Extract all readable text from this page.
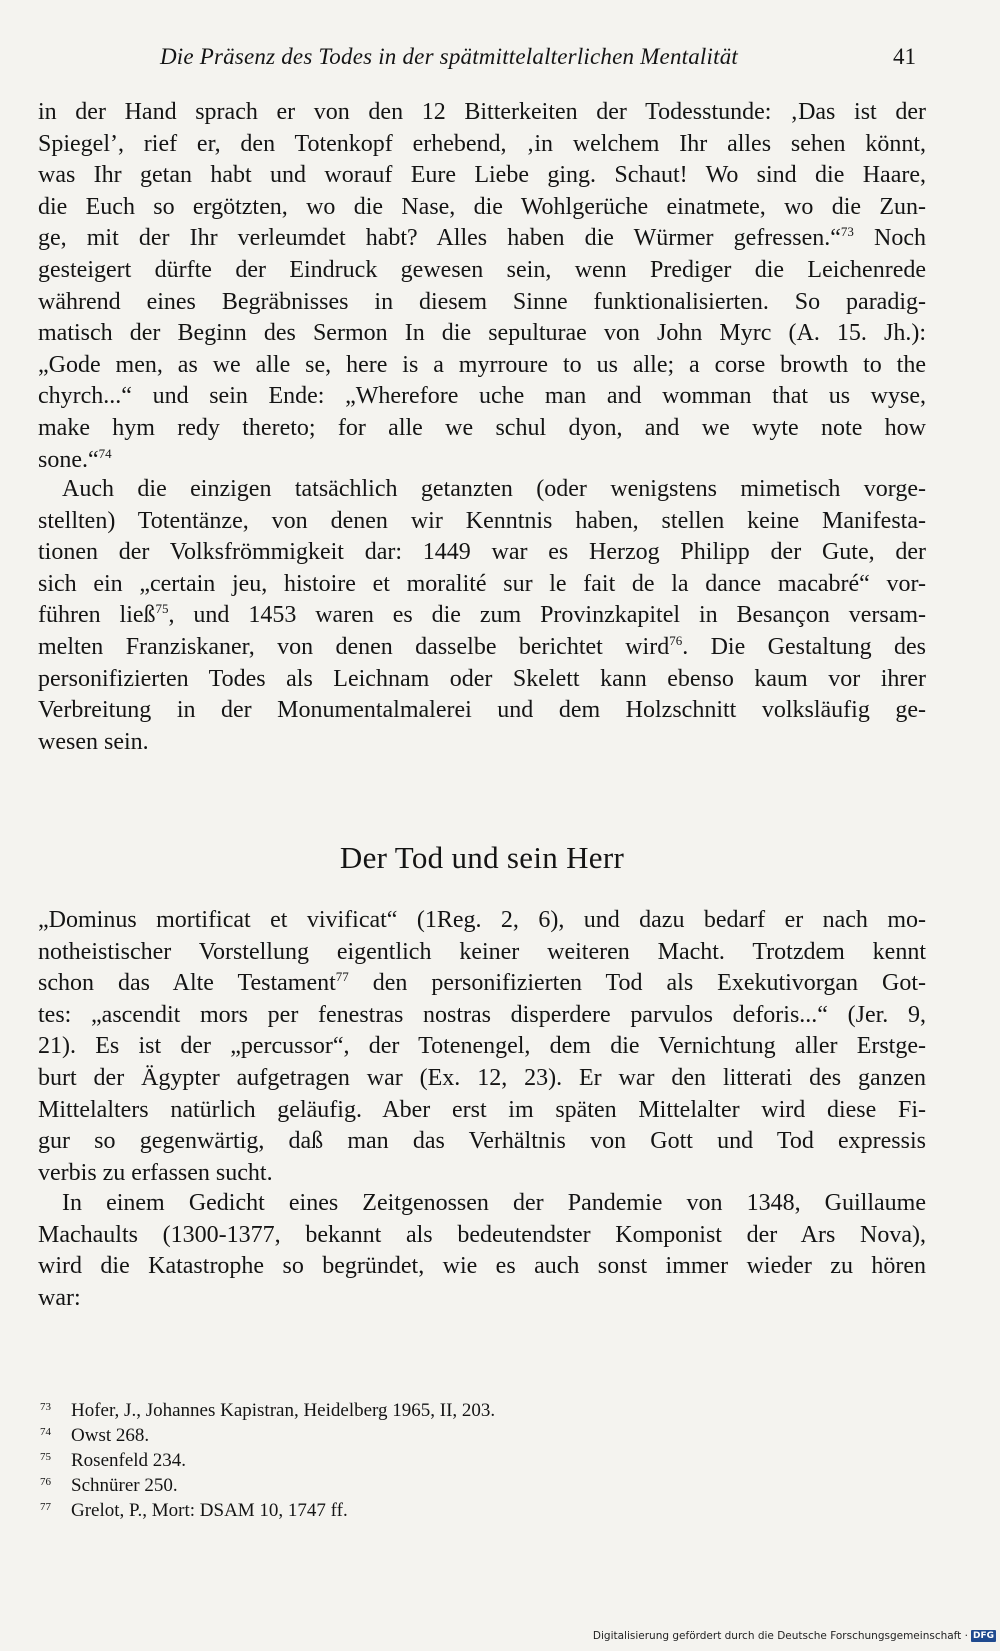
Die Präsenz des Todes in der spätmittelalterlichen Mentalität	41
in der Hand sprach er von den 12 Bitterkeiten der Todesstunde: ‚Das ist der
Spiegel’, rief er, den Totenkopf erhebend, ‚in welchem Ihr alles sehen könnt,
was Ihr getan habt und worauf Eure Liebe ging. Schaut! Wo sind die Haare,
die Euch so ergötzten, wo die Nase, die Wohlgerüche einatmete, wo die Zun-
ge, mit der Ihr verleumdet habt? Alles haben die Würmer gefressen.“$^{73}$ Noch
gesteigert dürfte der Eindruck gewesen sein, wenn Prediger die Leichenrede
während eines Begräbnisses in diesem Sinne funktionalisierten. So paradig-
matisch der Beginn des Sermon In die sepulturae von John Myrc (A. 15. Jh.):
„Gode men, as we alle se, here is a myrroure to us alle; a corse browth to the
chyrch...“ und sein Ende: „Wherefore uche man and womman that us wyse,
make hym redy thereto; for alle we schul dyon, and we wyte note how
sone.“$^{74}$
Auch die einzigen tatsächlich getanzten (oder wenigstens mimetisch vorge-
stellten) Totentänze, von denen wir Kenntnis haben, stellen keine Manifesta-
tionen der Volksfrömmigkeit dar: 1449 war es Herzog Philipp der Gute, der
sich ein „certain jeu, histoire et moralité sur le fait de la dance macabré“ vor-
führen ließ$^{75}$, und 1453 waren es die zum Provinzkapitel in Besançon versam-
melten Franziskaner, von denen dasselbe berichtet wird$^{76}$. Die Gestaltung des
personifizierten Todes als Leichnam oder Skelett kann ebenso kaum vor ihrer
Verbreitung in der Monumentalmalerei und dem Holzschnitt volksläufig ge-
wesen sein.
Der Tod und sein Herr
„Dominus mortificat et vivificat“ (1Reg. 2, 6), und dazu bedarf er nach mo-
notheistischer Vorstellung eigentlich keiner weiteren Macht. Trotzdem kennt
schon das Alte Testament$^{77}$ den personifizierten Tod als Exekutivorgan Got-
tes: „ascendit mors per fenestras nostras disperdere parvulos deforis...“ (Jer. 9,
21). Es ist der „percussor“, der Totenengel, dem die Vernichtung aller Erstge-
burt der Ägypter aufgetragen war (Ex. 12, 23). Er war den litterati des ganzen
Mittelalters natürlich geläufig. Aber erst im späten Mittelalter wird diese Fi-
gur so gegenwärtig, daß man das Verhältnis von Gott und Tod expressis
verbis zu erfassen sucht.
In einem Gedicht eines Zeitgenossen der Pandemie von 1348, Guillaume
Machaults (1300-1377, bekannt als bedeutendster Komponist der Ars Nova),
wird die Katastrophe so begründet, wie es auch sonst immer wieder zu hören
war:
73 Hofer, J., Johannes Kapistran, Heidelberg 1965, II, 203.
74 Owst 268.
75 Rosenfeld 234.
76 Schnürer 250.
77 Grelot, P., Mort: DSAM 10, 1747 ff.
Digitalisierung gefördert durch die Deutsche Forschungsgemeinschaft · DFG
